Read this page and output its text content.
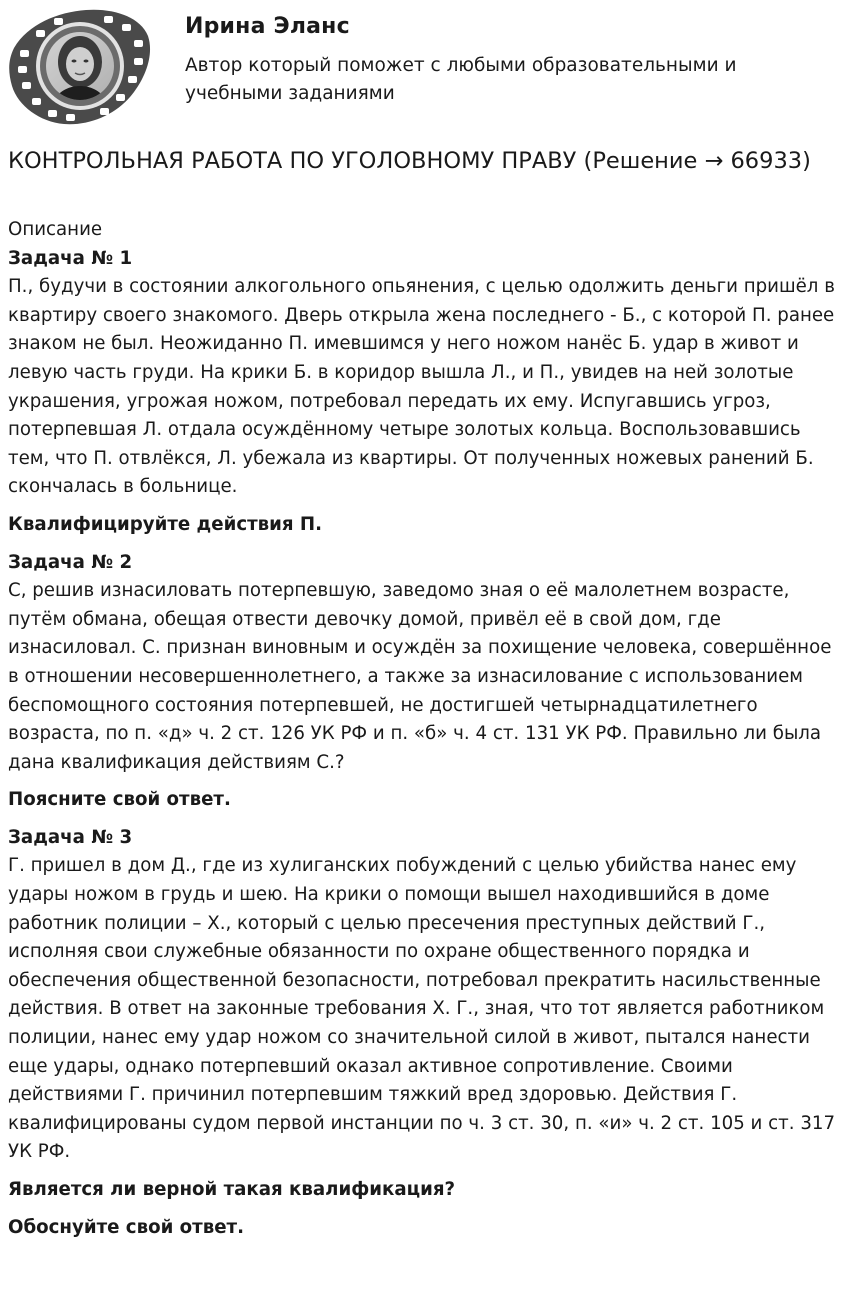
Ирина Эланс
Автор который поможет с любыми образовательными и учебными заданиями
КОНТРОЛЬНАЯ РАБОТА ПО УГОЛОВНОМУ ПРАВУ (Решение → 66933)

Описание

Задача № 1

П., будучи в состоянии алкогольного опьянения, с целью одолжить деньги пришёл в квартиру своего знакомого. Дверь открыла жена последнего - Б., с которой П. ранее знаком не был. Неожиданно П. имевшимся у него ножом нанёс Б. удар в живот и левую часть груди. На крики Б. в коридор вышла Л., и П., увидев на ней золотые украшения, угрожая ножом, потребовал передать их ему. Испугавшись угроз, потерпевшая Л. отдала осуждённому четыре золотых кольца. Воспользовавшись тем, что П. отвлёкся, Л. убежала из квартиры. От полученных ножевых ранений Б. скончалась в больнице.

Квалифицируйте действия П.

Задача № 2

С, решив изнасиловать потерпевшую, заведомо зная о её малолетнем возрасте, путём обмана, обещая отвести девочку домой, привёл её в свой дом, где изнасиловал. С. признан виновным и осуждён за похищение человека, совершённое в отношении несовершеннолетнего, а также за изнасилование с использованием беспомощного состояния потерпевшей, не достигшей четырнадцатилетнего возраста, по п. «д» ч. 2 ст. 126 УК РФ и п. «б» ч. 4 ст. 131 УК РФ. Правильно ли была дана квалификация действиям С.?

Поясните свой ответ.

Задача № 3

Г. пришел в дом Д., где из хулиганских побуждений с целью убийства нанес ему удары ножом в грудь и шею. На крики о помощи вышел находившийся в доме работник полиции – Х., который с целью пресечения преступных действий Г., исполняя свои служебные обязанности по охране общественного порядка и обеспечения общественной безопасности, потребовал прекратить насильственные действия. В ответ на законные требования Х. Г., зная, что тот является работником полиции, нанес ему удар ножом со значительной силой в живот, пытался нанести еще удары, однако потерпевший оказал активное сопротивление. Своими действиями Г. причинил потерпевшим тяжкий вред здоровью. Действия Г. квалифицированы судом первой инстанции по ч. 3 ст. 30, п. «и» ч. 2 ст. 105 и ст. 317 УК РФ.

Является ли верной такая квалификация?

Обоснуйте свой ответ.
